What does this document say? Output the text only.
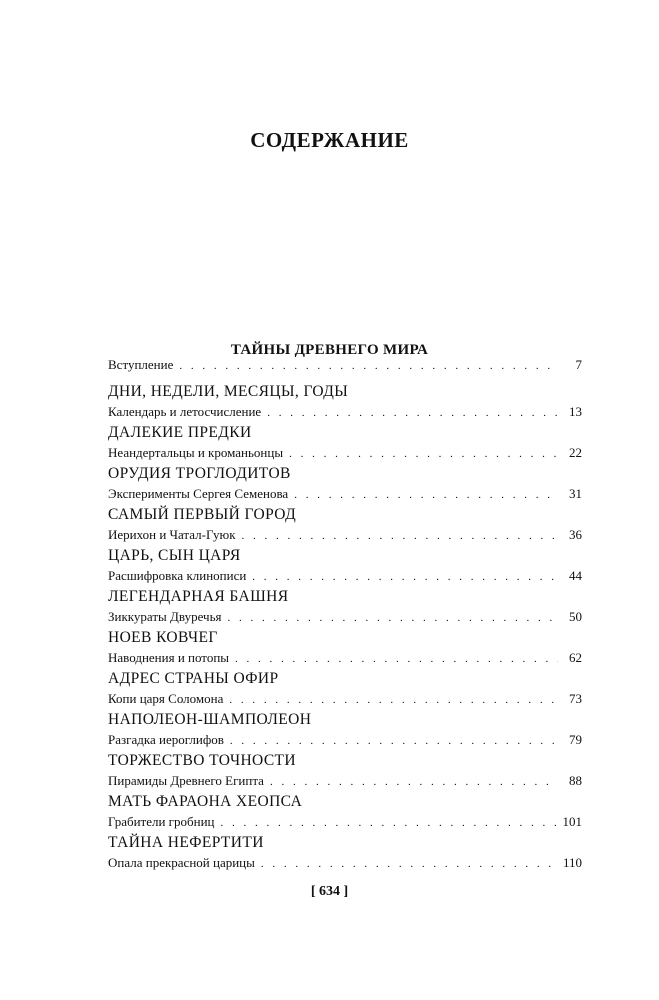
СОДЕРЖАНИЕ
ТАЙНЫ ДРЕВНЕГО МИРА
Вступление . . .	7
ДНИ, НЕДЕЛИ, МЕСЯЦЫ, ГОДЫ
Календарь и летосчисление . . .	13
ДАЛЕКИЕ ПРЕДКИ
Неандертальцы и кроманьонцы . . .	22
ОРУДИЯ ТРОГЛОДИТОВ
Эксперименты Сергея Семенова . . .	31
САМЫЙ ПЕРВЫЙ ГОРОД
Иерихон и Чатал-Гуюк . . .	36
ЦАРЬ, СЫН ЦАРЯ
Расшифровка клинописи . . .	44
ЛЕГЕНДАРНАЯ БАШНЯ
Зиккураты Двуречья . . .	50
НОЕВ КОВЧЕГ
Наводнения и потопы . . .	62
АДРЕС СТРАНЫ ОФИР
Копи царя Соломона . . .	73
НАПОЛЕОН-ШАМПОЛЕОН
Разгадка иероглифов . . .	79
ТОРЖЕСТВО ТОЧНОСТИ
Пирамиды Древнего Египта . . .	88
МАТЬ ФАРАОНА ХЕОПСА
Грабители гробниц . . .	101
ТАЙНА НЕФЕРТИТИ
Опала прекрасной царицы . . .	110
[ 634 ]
